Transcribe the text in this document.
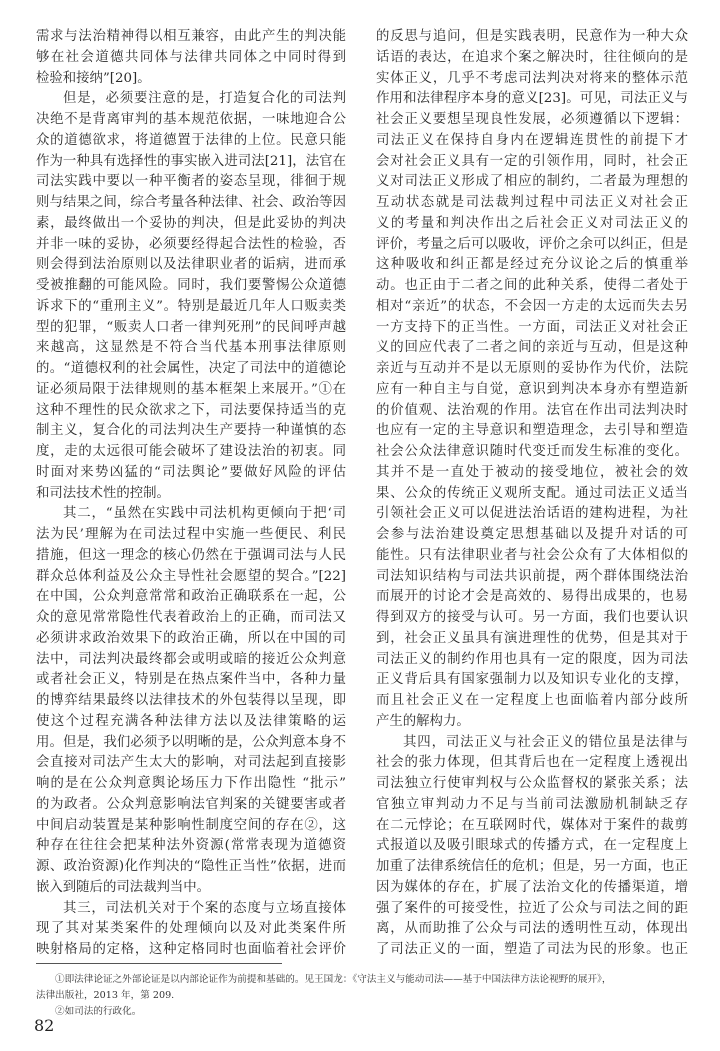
需求与法治精神得以相互兼容，由此产生的判决能
够在社会道德共同体与法律共同体之中同时得到
检验和接纳”[20]。
但是，必须要注意的是，打造复合化的司法判
决绝不是背离审判的基本规范依据，一味地迎合公
众的道德欲求，将道德置于法律的上位。民意只能
作为一种具有选择性的事实嵌入进司法[21]，法官在
司法实践中要以一种平衡者的姿态呈现，徘徊于规
则与结果之间，综合考量各种法律、社会、政治等因
素，最终做出一个妥协的判决，但是此妥协的判决
并非一味的妥协，必须要经得起合法性的检验，否
则会得到法治原则以及法律职业者的诟病，进而承
受被推翻的可能风险。同时，我们要警惕公众道德
诉求下的“重刑主义”。特别是最近几年人口贩卖类
型的犯罪，“贩卖人口者一律判死刑”的民间呼声越
来越高，这显然是不符合当代基本刑事法律原则
的。“道德权利的社会属性，决定了司法中的道德论
证必须局限于法律规则的基本框架上来展开。”①在
这种不理性的民众欲求之下，司法要保持适当的克
制主义，复合化的司法判决生产要持一种谨慎的态
度，走的太远很可能会破坏了建设法治的初衷。同
时面对来势凶猛的“司法舆论”要做好风险的评估
和司法技术性的控制。
其二，“虽然在实践中司法机构更倾向于把‘司
法为民’理解为在司法过程中实施一些便民、利民
措施，但这一理念的核心仍然在于强调司法与人民
群众总体利益及公众主导性社会愿望的契合。”[22]
在中国，公众判意常常和政治正确联系在一起，公
众的意见常常隐性代表着政治上的正确，而司法又
必须讲求政治效果下的政治正确，所以在中国的司
法中，司法判决最终都会或明或暗的接近公众判意
或者社会正义，特别是在热点案件当中，各种力量
的博弈结果最终以法律技术的外包装得以呈现，即
使这个过程充满各种法律方法以及法律策略的运
用。但是，我们必须予以明晰的是，公众判意本身不
会直接对司法产生太大的影响，对司法起到直接影
响的是在公众判意舆论场压力下作出隐性 “批示”
的为政者。公众判意影响法官判案的关键要害或者
中间启动装置是某种影响性制度空间的存在②，这
种存在往往会把某种法外资源(常常表现为道德资
源、政治资源)化作判决的“隐性正当性”依据，进而
嵌入到随后的司法裁判当中。
其三，司法机关对于个案的态度与立场直接体
现了其对某类案件的处理倾向以及对此类案件所
映射格局的定格，这种定格同时也面临着社会评价
的反思与追问，但是实践表明，民意作为一种大众
话语的表达，在追求个案之解决时，往往倾向的是
实体正义，几乎不考虑司法判决对将来的整体示范
作用和法律程序本身的意义[23]。可见，司法正义与
社会正义要想呈现良性发展，必须遵循以下逻辑：
司法正义在保持自身内在逻辑连贯性的前提下才
会对社会正义具有一定的引领作用，同时，社会正
义对司法正义形成了相应的制约，二者最为理想的
互动状态就是司法裁判过程中司法正义对社会正
义的考量和判决作出之后社会正义对司法正义的
评价，考量之后可以吸收，评价之余可以纠正，但是
这种吸收和纠正都是经过充分议论之后的慎重举
动。也正由于二者之间的此种关系，使得二者处于
相对“亲近”的状态，不会因一方走的太远而失去另
一方支持下的正当性。一方面，司法正义对社会正
义的回应代表了二者之间的亲近与互动，但是这种
亲近与互动并不是以无原则的妥协作为代价，法院
应有一种自主与自觉，意识到判决本身亦有塑造新
的价值观、法治观的作用。法官在作出司法判决时
也应有一定的主导意识和塑造理念，去引导和塑造
社会公众法律意识随时代变迁而发生标准的变化。
其并不是一直处于被动的接受地位，被社会的效
果、公众的传统正义观所支配。通过司法正义适当
引领社会正义可以促进法治话语的建构进程，为社
会参与法治建设奠定思想基础以及提升对话的可
能性。只有法律职业者与社会公众有了大体相似的
司法知识结构与司法共识前提，两个群体围绕法治
而展开的讨论才会是高效的、易得出成果的，也易
得到双方的接受与认可。另一方面，我们也要认识
到，社会正义虽具有演进理性的优势，但是其对于
司法正义的制约作用也具有一定的限度，因为司法
正义背后具有国家强制力以及知识专业化的支撑，
而且社会正义在一定程度上也面临着内部分歧所
产生的解构力。
其四，司法正义与社会正义的错位虽是法律与
社会的张力体现，但其背后也在一定程度上透视出
司法独立行使审判权与公众监督权的紧张关系；法
官独立审判动力不足与当前司法激励机制缺乏存
在二元悖论；在互联网时代，媒体对于案件的裁剪
式报道以及吸引眼球式的传播方式，在一定程度上
加重了法律系统信任的危机；但是，另一方面，也正
因为媒体的存在，扩展了法治文化的传播渠道，增
强了案件的可接受性，拉近了公众与司法之间的距
离，从而助推了公众与司法的透明性互动，体现出
了司法正义的一面，塑造了司法为民的形象。也正
①即法律论证之外部论证是以内部论证作为前提和基础的。见王国龙：《守法主义与能动司法——基于中国法律方法论视野的展开》，
法律出版社，2013 年，第 209.
②如司法的行政化。
82
